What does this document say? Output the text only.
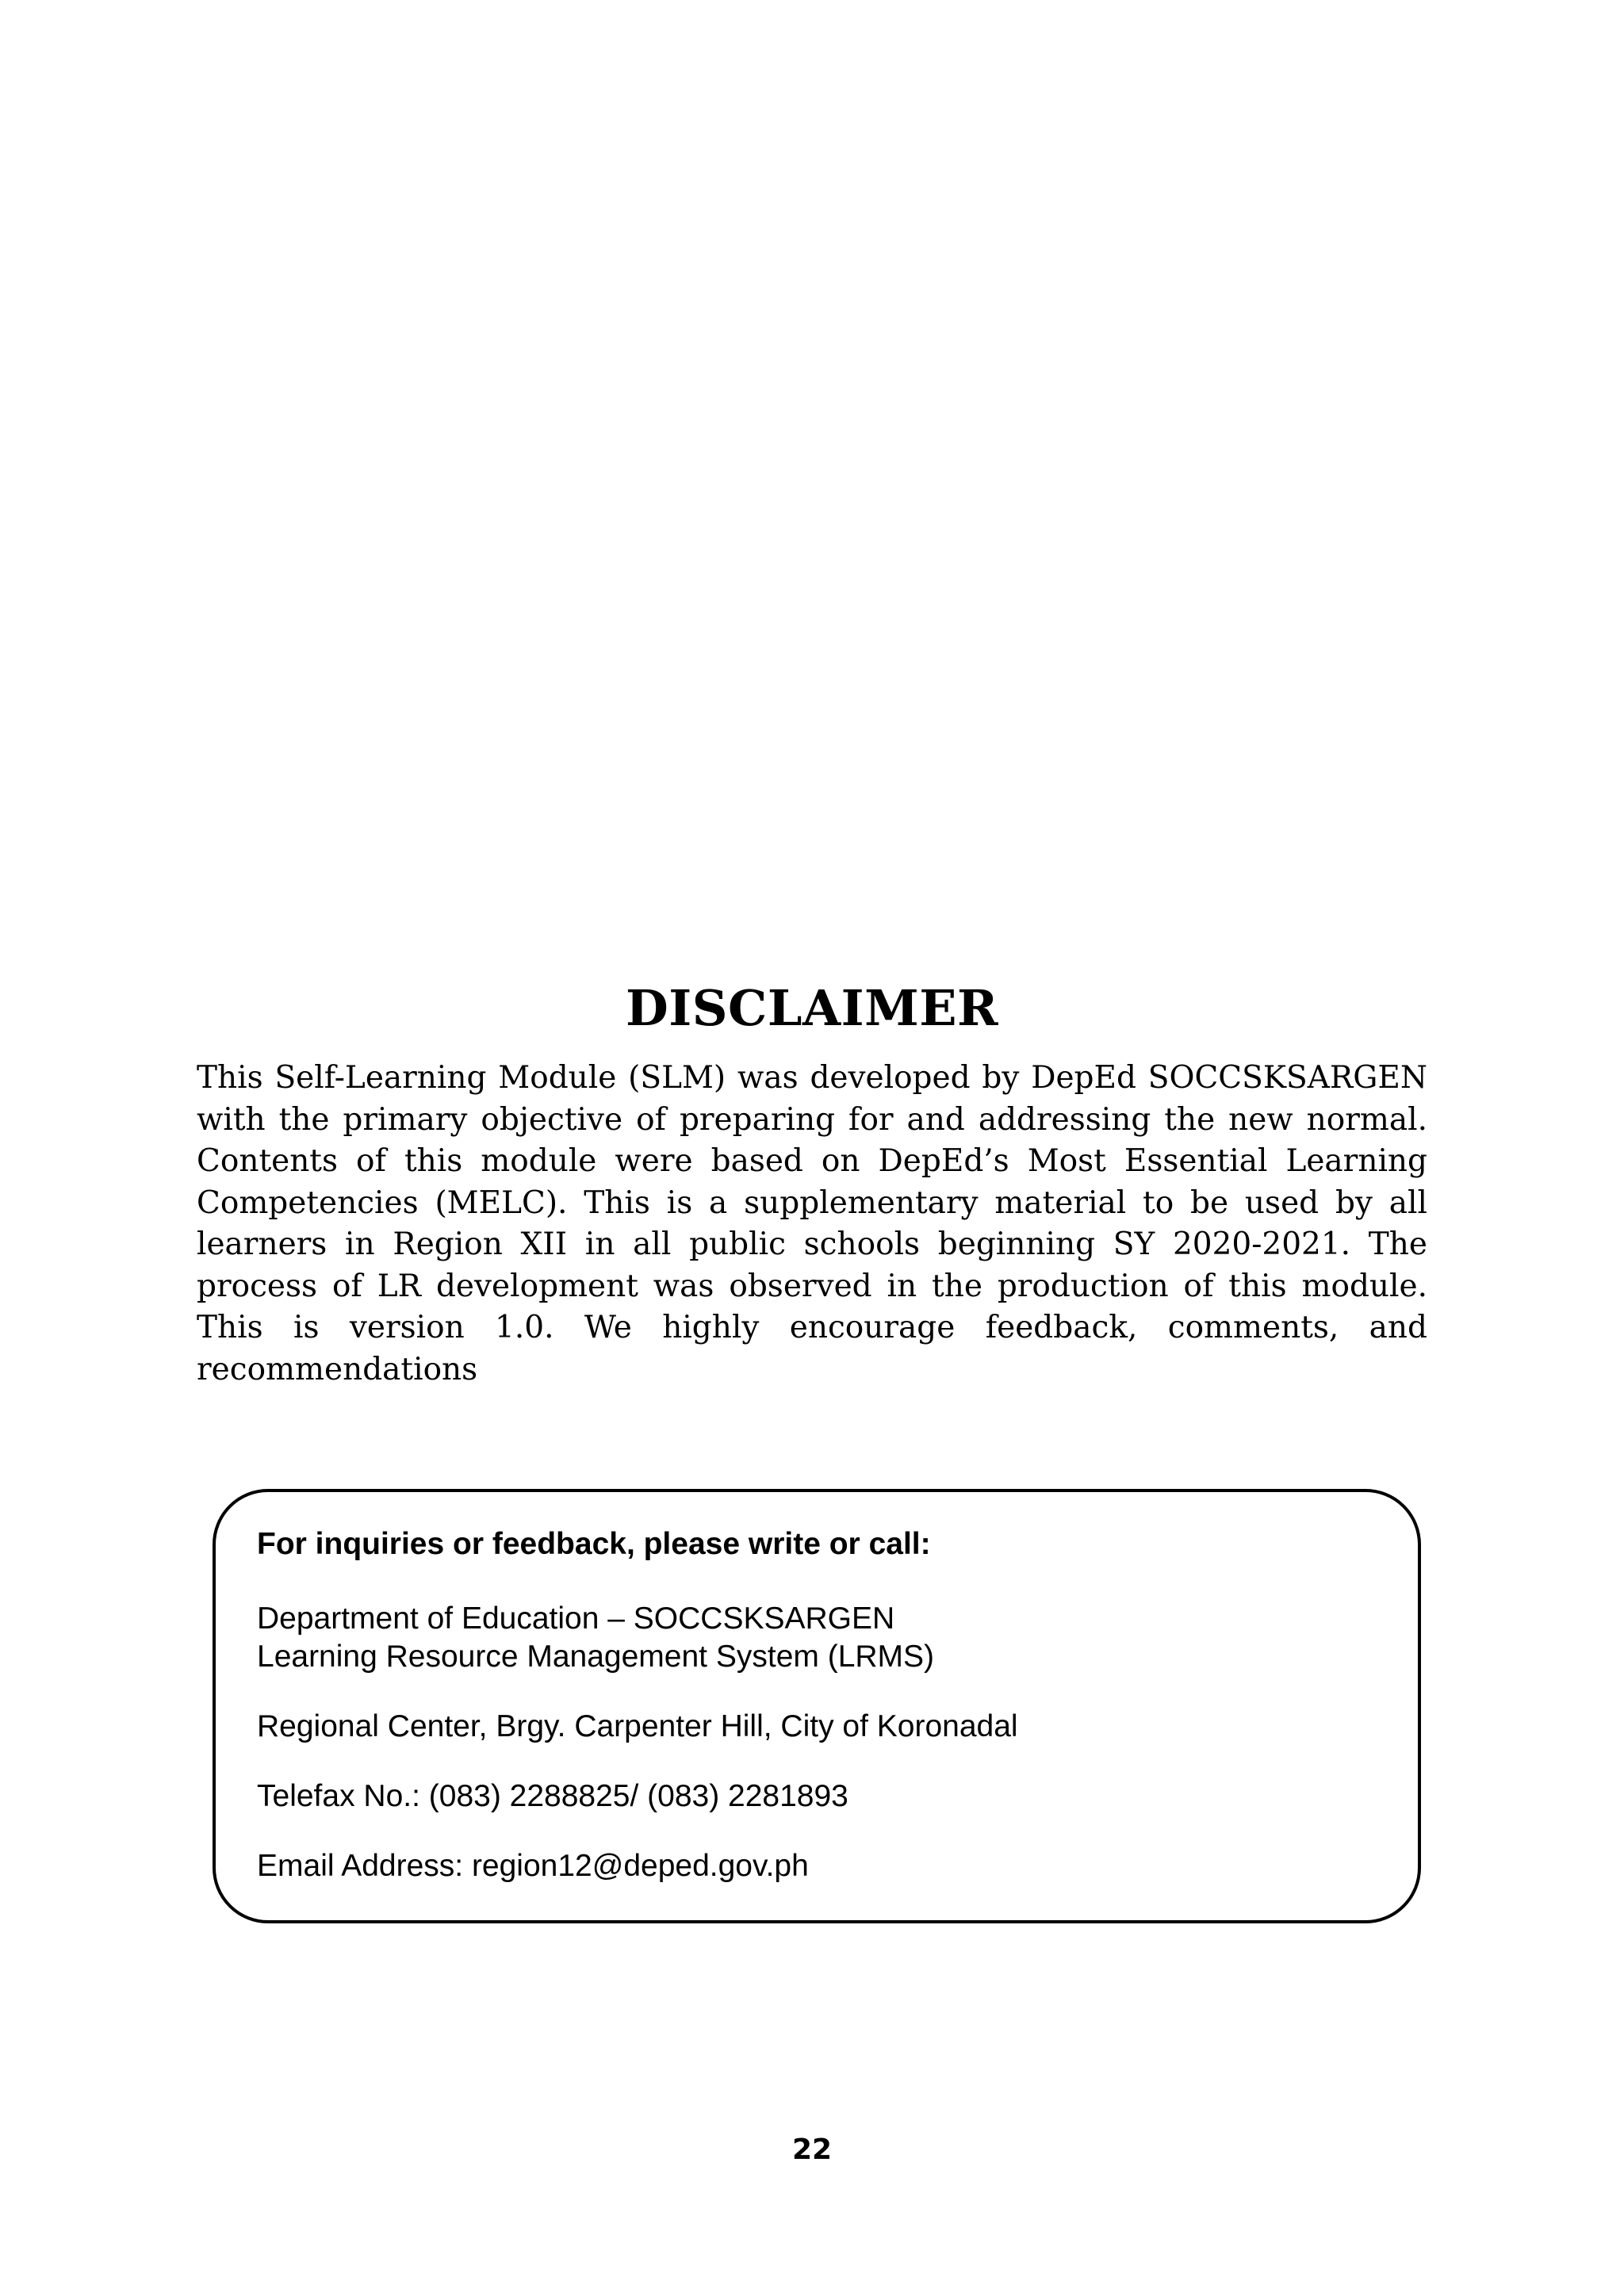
DISCLAIMER

This Self-Learning Module (SLM) was developed by DepEd SOCCSKSARGEN with the primary objective of preparing for and addressing the new normal. Contents of this module were based on DepEd’s Most Essential Learning Competencies (MELC). This is a supplementary material to be used by all learners in Region XII in all public schools beginning SY 2020-2021. The process of LR development was observed in the production of this module. This is version 1.0. We highly encourage feedback, comments, and recommendations

For inquiries or feedback, please write or call:
Department of Education – SOCCSKSARGEN
Learning Resource Management System (LRMS)
Regional Center, Brgy. Carpenter Hill, City of Koronadal
Telefax No.: (083) 2288825/ (083) 2281893
Email Address: region12@deped.gov.ph
22
